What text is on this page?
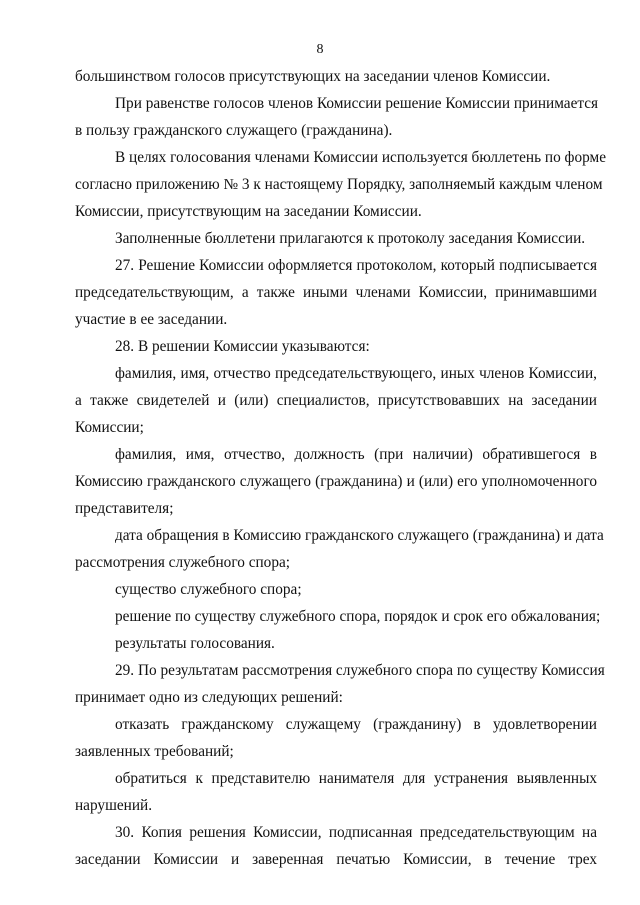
8
большинством голосов присутствующих на заседании членов Комиссии.
При равенстве голосов членов Комиссии решение Комиссии принимается
в пользу гражданского служащего (гражданина).
В целях голосования членами Комиссии используется бюллетень по форме
согласно приложению № 3 к настоящему Порядку, заполняемый каждым членом
Комиссии, присутствующим на заседании Комиссии.
Заполненные бюллетени прилагаются к протоколу заседания Комиссии.
27. Решение Комиссии оформляется протоколом, который подписывается
председательствующим, а также иными членами Комиссии, принимавшими
участие в ее заседании.
28. В решении Комиссии указываются:
фамилия, имя, отчество председательствующего, иных членов Комиссии,
а также свидетелей и (или) специалистов, присутствовавших на заседании
Комиссии;
фамилия, имя, отчество, должность (при наличии) обратившегося в
Комиссию гражданского служащего (гражданина) и (или) его уполномоченного
представителя;
дата обращения в Комиссию гражданского служащего (гражданина) и дата
рассмотрения служебного спора;
существо служебного спора;
решение по существу служебного спора, порядок и срок его обжалования;
результаты голосования.
29. По результатам рассмотрения служебного спора по существу Комиссия
принимает одно из следующих решений:
отказать гражданскому служащему (гражданину) в удовлетворении
заявленных требований;
обратиться к представителю нанимателя для устранения выявленных
нарушений.
30. Копия решения Комиссии, подписанная председательствующим на
заседании Комиссии и заверенная печатью Комиссии, в течение трех
